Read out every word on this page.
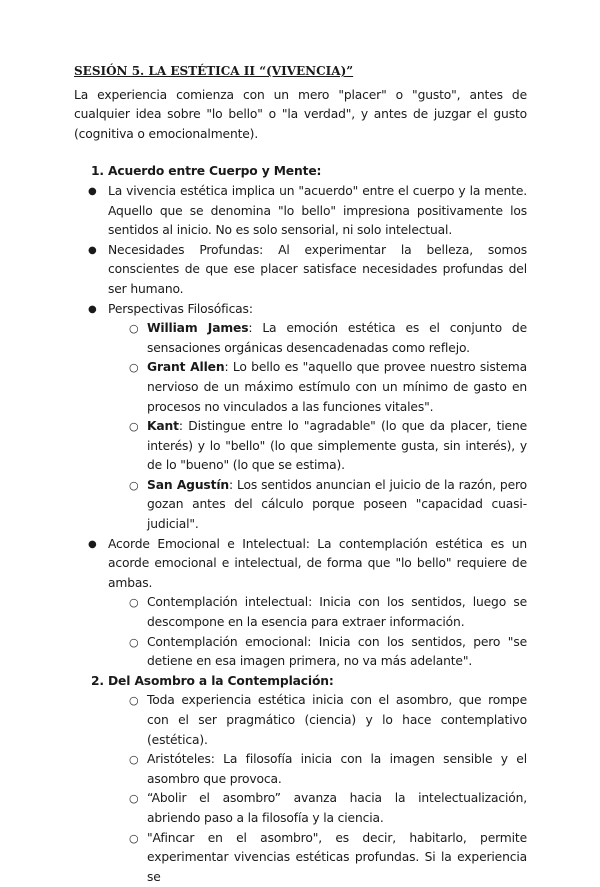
SESIÓN 5. LA ESTÉTICA II “(VIVENCIA)”
La experiencia comienza con un mero "placer" o "gusto", antes de cualquier idea sobre "lo bello" o "la verdad", y antes de juzgar el gusto (cognitiva o emocionalmente).
1. Acuerdo entre Cuerpo y Mente:
● La vivencia estética implica un "acuerdo" entre el cuerpo y la mente. Aquello que se denomina "lo bello" impresiona positivamente los sentidos al inicio. No es solo sensorial, ni solo intelectual.
● Necesidades Profundas: Al experimentar la belleza, somos conscientes de que ese placer satisface necesidades profundas del ser humano.
● Perspectivas Filosóficas:
○ William James: La emoción estética es el conjunto de sensaciones orgánicas desencadenadas como reflejo.
○ Grant Allen: Lo bello es "aquello que provee nuestro sistema nervioso de un máximo estímulo con un mínimo de gasto en procesos no vinculados a las funciones vitales".
○ Kant: Distingue entre lo "agradable" (lo que da placer, tiene interés) y lo "bello" (lo que simplemente gusta, sin interés), y de lo "bueno" (lo que se estima).
○ San Agustín: Los sentidos anuncian el juicio de la razón, pero gozan antes del cálculo porque poseen "capacidad cuasi-judicial".
● Acorde Emocional e Intelectual: La contemplación estética es un acorde emocional e intelectual, de forma que "lo bello" requiere de ambas.
○ Contemplación intelectual: Inicia con los sentidos, luego se descompone en la esencia para extraer información.
○ Contemplación emocional: Inicia con los sentidos, pero "se detiene en esa imagen primera, no va más adelante".
2. Del Asombro a la Contemplación:
○ Toda experiencia estética inicia con el asombro, que rompe con el ser pragmático (ciencia) y lo hace contemplativo (estética).
○ Aristóteles: La filosofía inicia con la imagen sensible y el asombro que provoca.
○ “Abolir el asombro” avanza hacia la intelectualización, abriendo paso a la filosofía y la ciencia.
○ "Afincar en el asombro", es decir, habitarlo, permite experimentar vivencias estéticas profundas. Si la experiencia se
